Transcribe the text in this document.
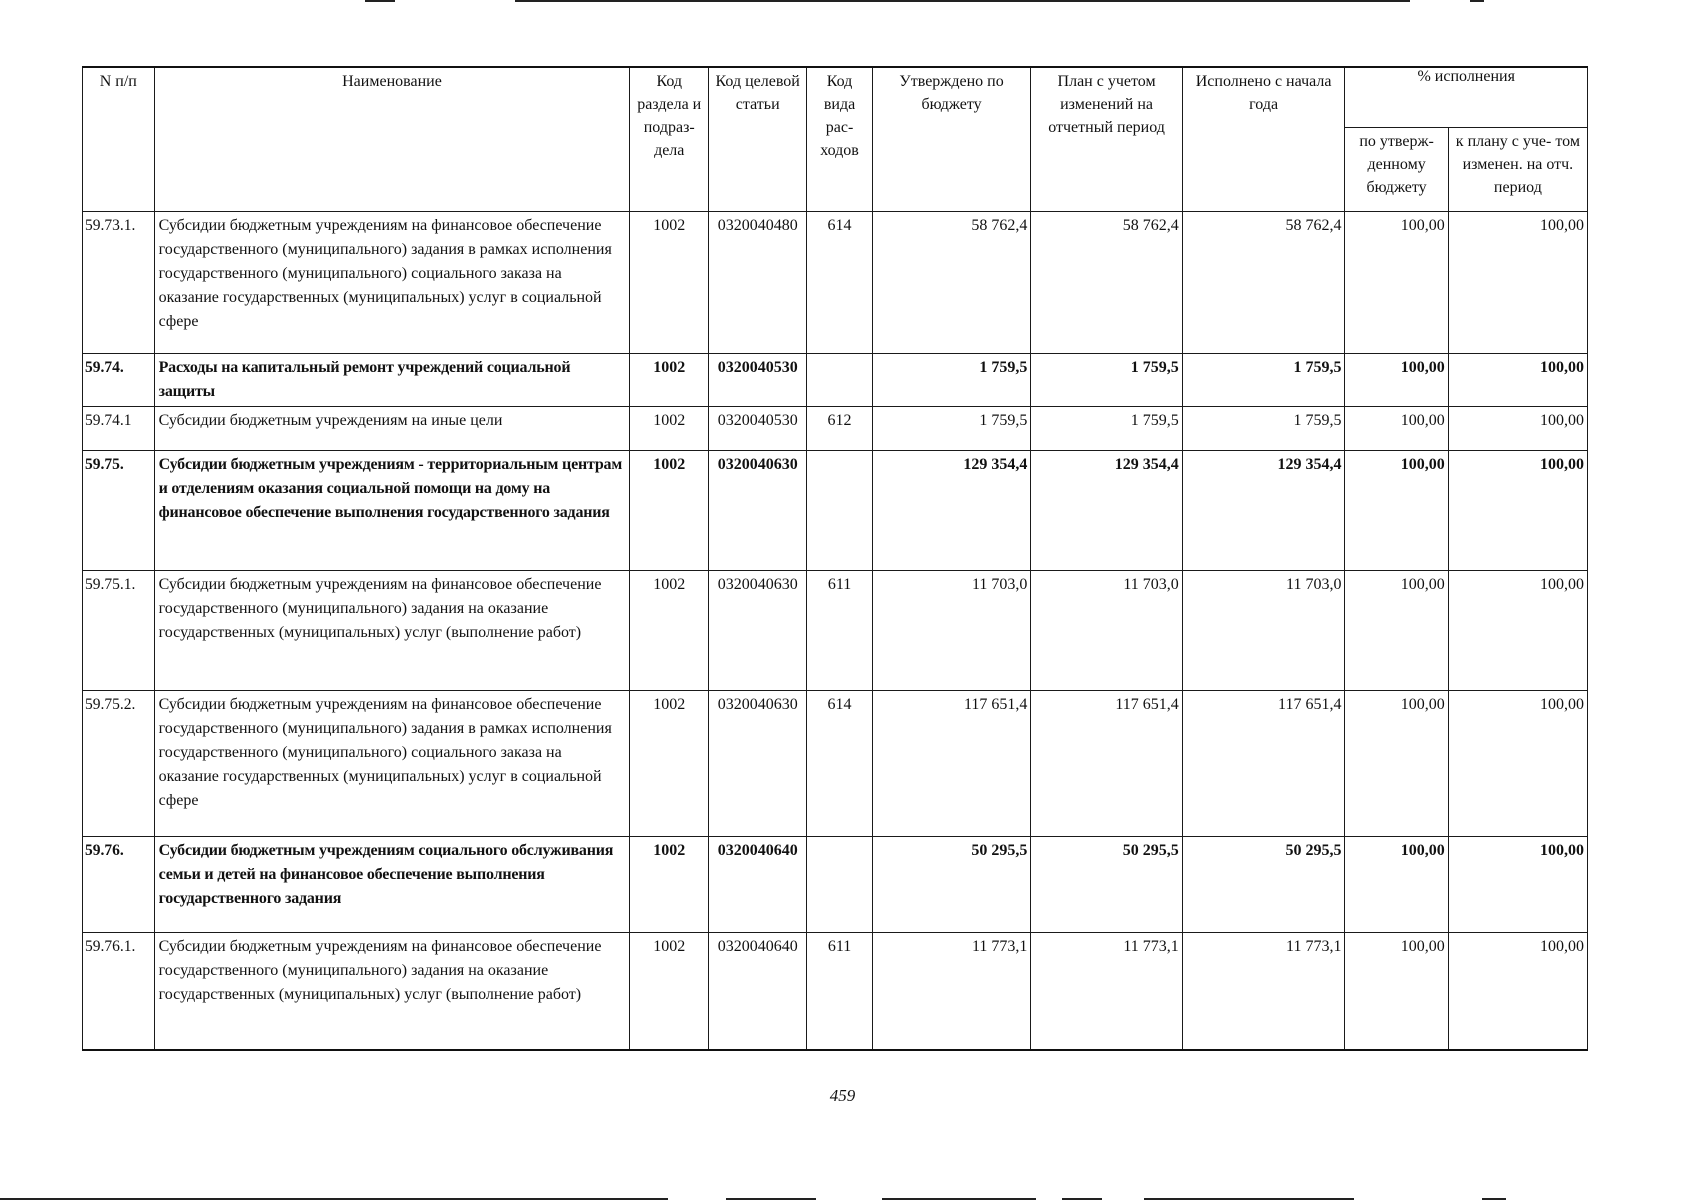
N п/п	Наименование	Код раздела и подраз- дела	Код целевой статьи	Код вида рас- ходов	Утверждено по бюджету	План с учетом изменений на отчетный период	Исполнено с начала года	% исполнения	
								по утверж- денному бюджету	к плану с уче- том изменен. на отч. период
59.73.1.	Субсидии бюджетным учреждениям на финансовое обеспечение государственного (муниципального) задания в рамках исполнения государственного (муниципального) социального заказа на оказание государственных (муниципальных) услуг в социальной сфере	1002	0320040480	614	58 762,4	58 762,4	58 762,4	100,00	100,00
59.74.	Расходы на капитальный ремонт учреждений социальной защиты	1002	0320040530		1 759,5	1 759,5	1 759,5	100,00	100,00
59.74.1	Субсидии бюджетным учреждениям на иные цели	1002	0320040530	612	1 759,5	1 759,5	1 759,5	100,00	100,00
59.75.	Субсидии бюджетным учреждениям - территориальным центрам и отделениям оказания социальной помощи на дому на финансовое обеспечение выполнения государственного задания	1002	0320040630		129 354,4	129 354,4	129 354,4	100,00	100,00
59.75.1.	Субсидии бюджетным учреждениям на финансовое обеспечение государственного (муниципального) задания на оказание государственных (муниципальных) услуг (выполнение работ)	1002	0320040630	611	11 703,0	11 703,0	11 703,0	100,00	100,00
59.75.2.	Субсидии бюджетным учреждениям на финансовое обеспечение государственного (муниципального) задания в рамках исполнения государственного (муниципального) социального заказа на оказание государственных (муниципальных) услуг в социальной сфере	1002	0320040630	614	117 651,4	117 651,4	117 651,4	100,00	100,00
59.76.	Субсидии бюджетным учреждениям социального обслуживания семьи и детей на финансовое обеспечение выполнения государственного задания	1002	0320040640		50 295,5	50 295,5	50 295,5	100,00	100,00
59.76.1.	Субсидии бюджетным учреждениям на финансовое обеспечение государственного (муниципального) задания на оказание государственных (муниципальных) услуг (выполнение работ)	1002	0320040640	611	11 773,1	11 773,1	11 773,1	100,00	100,00
459
